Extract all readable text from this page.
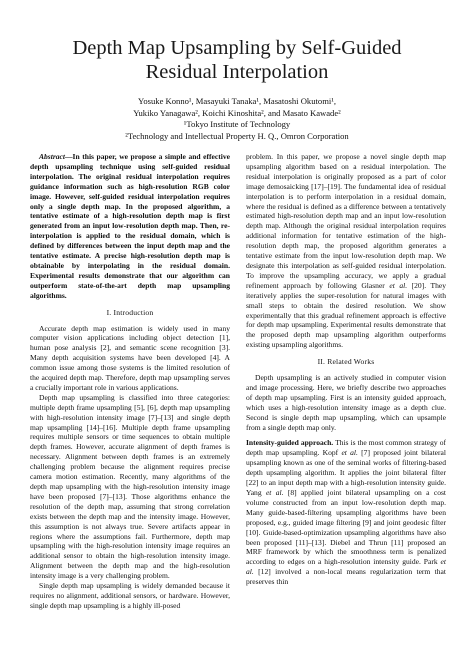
Depth Map Upsampling by Self-Guided
Residual Interpolation
Yosuke Konno¹, Masayuki Tanaka¹, Masatoshi Okutomi¹,
Yukiko Yanagawa², Koichi Kinoshita², and Masato Kawade²
¹Tokyo Institute of Technology
²Technology and Intellectual Property H. Q., Omron Corporation

Abstract—In this paper, we propose a simple and effective depth upsampling technique using self-guided residual interpolation. The original residual interpolation requires guidance information such as high-resolution RGB color image. However, self-guided residual interpolation requires only a single depth map. In the proposed algorithm, a tentative estimate of a high-resolution depth map is first generated from an input low-resolution depth map. Then, re-interpolation is applied to the residual domain, which is defined by differences between the input depth map and the tentative estimate. A precise high-resolution depth map is obtainable by interpolating in the residual domain. Experimental results demonstrate that our algorithm can outperform state-of-the-art depth map upsampling algorithms.

I. Introduction

Accurate depth map estimation is widely used in many computer vision applications including object detection [1], human pose analysis [2], and semantic scene recognition [3]. Many depth acquisition systems have been developed [4]. A common issue among those systems is the limited resolution of the acquired depth map. Therefore, depth map upsampling serves a crucially important role in various applications.

Depth map upsampling is classified into three categories: multiple depth frame upsampling [5], [6], depth map upsampling with high-resolution intensity image [7]–[13] and single depth map upsampling [14]–[16]. Multiple depth frame upsampling requires multiple sensors or time sequences to obtain multiple depth frames. However, accurate alignment of depth frames is necessary. Alignment between depth frames is an extremely challenging problem because the alignment requires precise camera motion estimation. Recently, many algorithms of the depth map upsampling with the high-resolution intensity image have been proposed [7]–[13]. Those algorithms enhance the resolution of the depth map, assuming that strong correlation exists between the depth map and the intensity image. However, this assumption is not always true. Severe artifacts appear in regions where the assumptions fail. Furthermore, depth map upsampling with the high-resolution intensity image requires an additional sensor to obtain the high-resolution intensity image. Alignment between the depth map and the high-resolution intensity image is a very challenging problem.

Single depth map upsampling is widely demanded because it requires no alignment, additional sensors, or hardware. However, single depth map upsampling is a highly ill-posed

problem. In this paper, we propose a novel single depth map upsampling algorithm based on a residual interpolation. The residual interpolation is originally proposed as a part of color image demosaicking [17]–[19]. The fundamental idea of residual interpolation is to perform interpolation in a residual domain, where the residual is defined as a difference between a tentatively estimated high-resolution depth map and an input low-resolution depth map. Although the original residual interpolation requires additional information for tentative estimation of the high-resolution depth map, the proposed algorithm generates a tentative estimate from the input low-resolution depth map. We designate this interpolation as self-guided residual interpolation. To improve the upsampling accuracy, we apply a gradual refinement approach by following Glasner et al. [20]. They iteratively applies the super-resolution for natural images with small steps to obtain the desired resolution. We show experimentally that this gradual refinement approach is effective for depth map upsampling. Experimental results demonstrate that the proposed depth map upsampling algorithm outperforms existing upsampling algorithms.

II. Related Works

Depth upsampling is an actively studied in computer vision and image processing. Here, we briefly describe two approaches of depth map upsampling. First is an intensity guided approach, which uses a high-resolution intensity image as a depth clue. Second is single depth map upsampling, which can upsample from a single depth map only.

Intensity-guided approach. This is the most common strategy of depth map upsampling. Kopf et al. [7] proposed joint bilateral upsampling known as one of the seminal works of filtering-based depth upsampling algorithm. It applies the joint bilateral filter [22] to an input depth map with a high-resolution intensity guide. Yang et al. [8] applied joint bilateral upsampling on a cost volume constructed from an input low-resolution depth map. Many guide-based-filtering upsampling algorithms have been proposed, e.g., guided image filtering [9] and joint geodesic filter [10]. Guide-based-optimization upsampling algorithms have also been proposed [11]–[13]. Diebel and Thrun [11] proposed an MRF framework by which the smoothness term is penalized according to edges on a high-resolution intensity guide. Park et al. [12] involved a non-local means regularization term that preserves thin
